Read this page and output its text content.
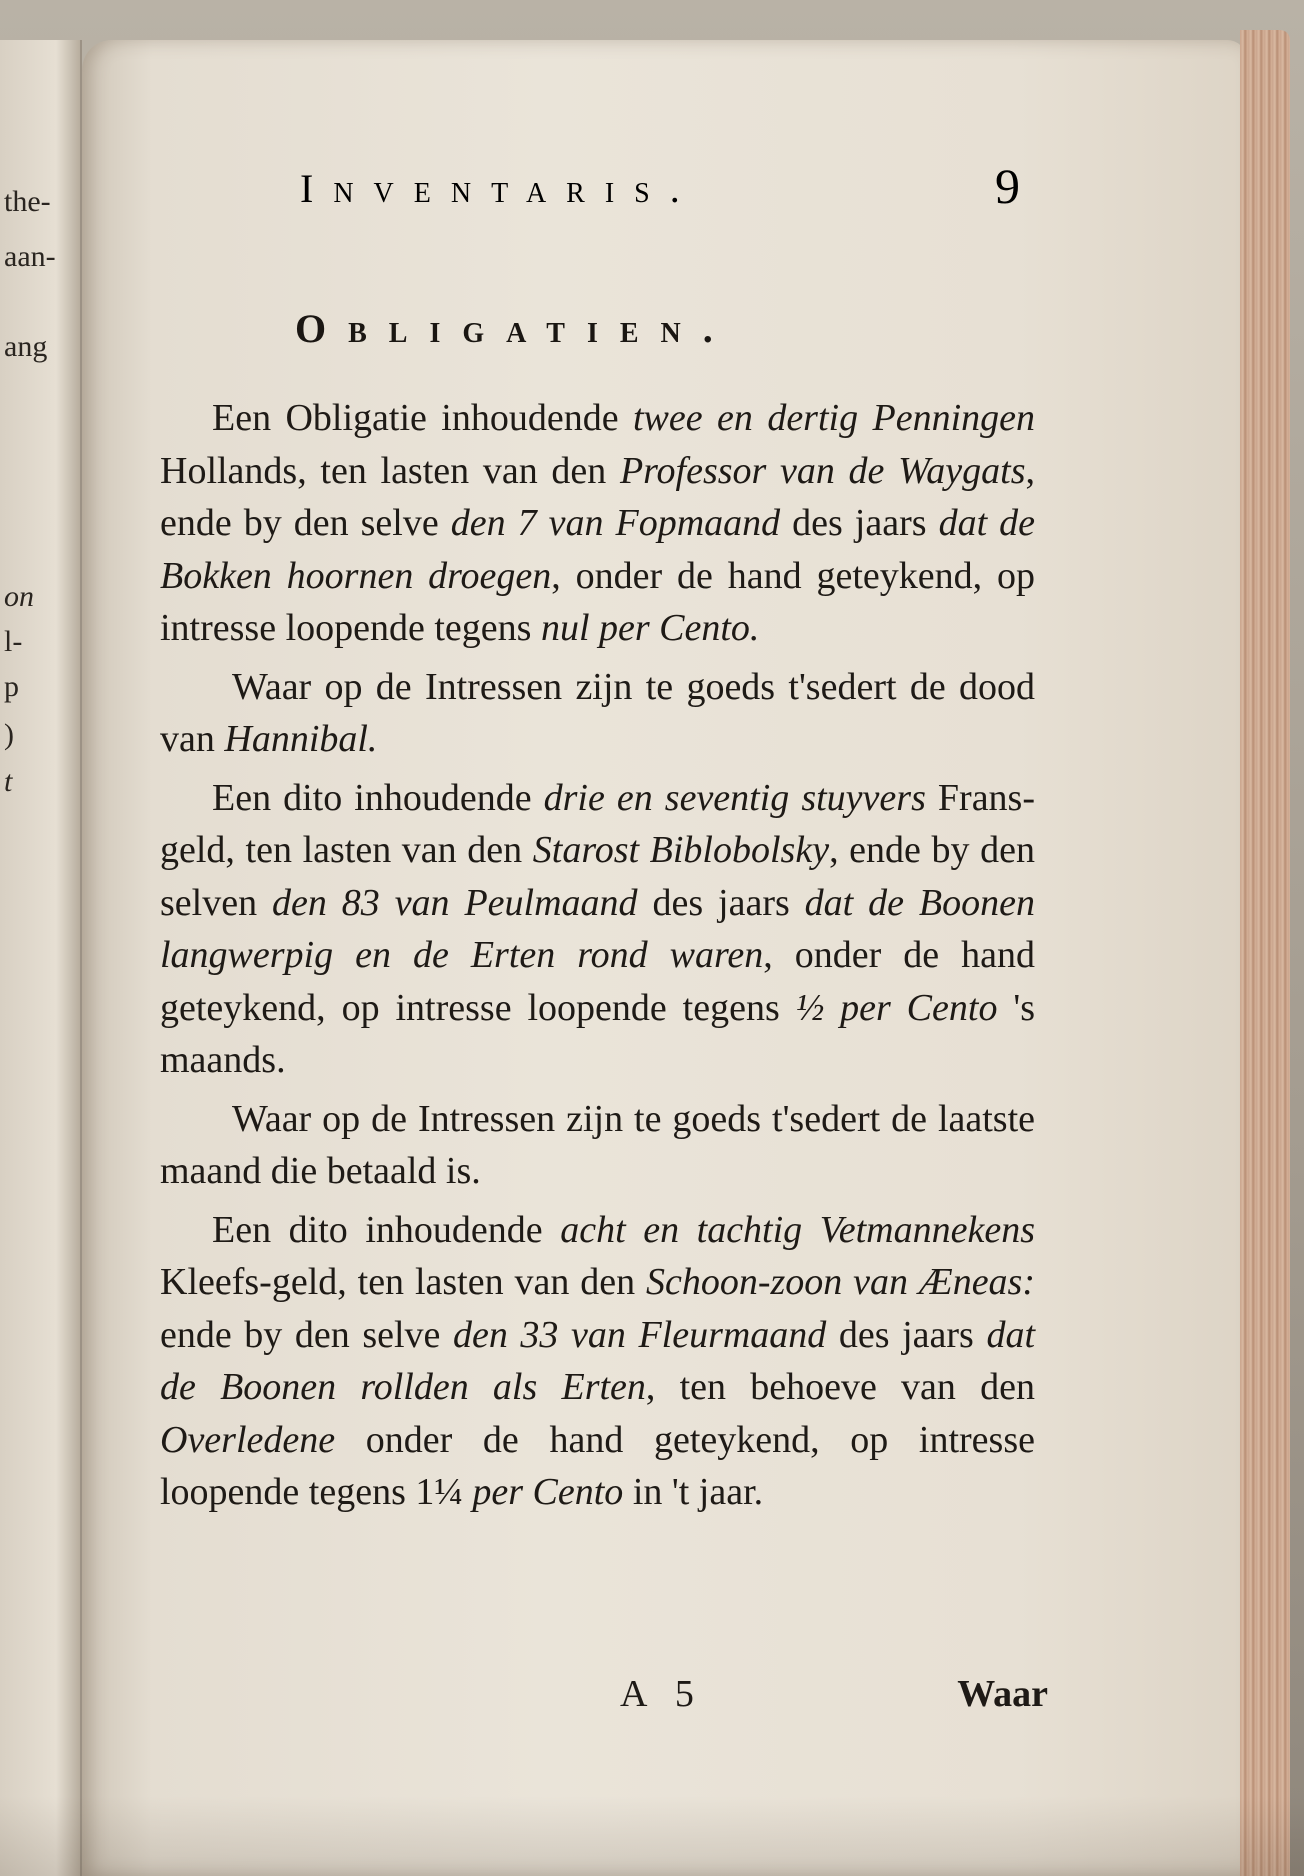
the-
aan-
ang
on
l-
p
)
t
Inventaris.	9
Obligatien.

Een Obligatie inhoudende twee en dertig Penningen Hollands, ten lasten van den Professor van de Waygats, ende by den selve den 7 van Fopmaand des jaars dat de Bokken hoornen droegen, onder de hand geteykend, op intresse loopende tegens nul per Cento.

Waar op de Intressen zijn te goeds t'sedert de dood van Hannibal.

Een dito inhoudende drie en seventig stuyvers Frans-geld, ten lasten van den Starost Biblobolsky, ende by den selven den 83 van Peulmaand des jaars dat de Boonen langwerpig en de Erten rond waren, onder de hand geteykend, op intresse loopende tegens ½ per Cento 's maands.

Waar op de Intressen zijn te goeds t'sedert de laatste maand die betaald is.

Een dito inhoudende acht en tachtig Vetmannekens Kleefs-geld, ten lasten van den Schoon-zoon van Æneas: ende by den selve den 33 van Fleurmaand des jaars dat de Boonen rollden als Erten, ten behoeve van den Overledene onder de hand geteykend, op intresse loopende tegens 1¼ per Cento in 't jaar.

A 5	Waar
